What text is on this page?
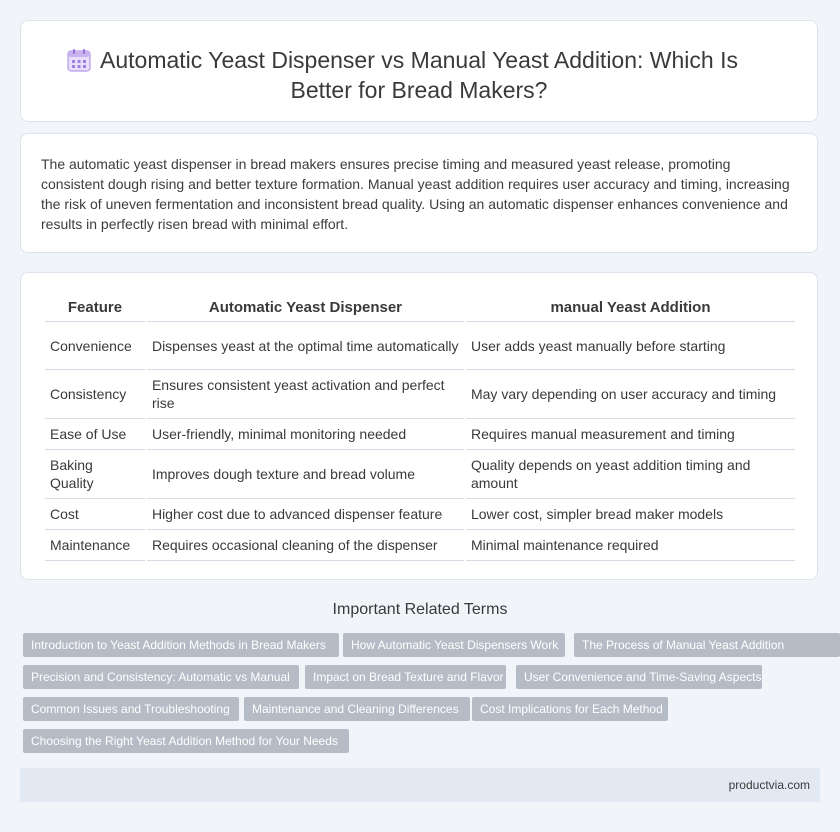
Automatic Yeast Dispenser vs Manual Yeast Addition: Which Is Better for Bread Makers?

The automatic yeast dispenser in bread makers ensures precise timing and measured yeast release, promoting consistent dough rising and better texture formation. Manual yeast addition requires user accuracy and timing, increasing the risk of uneven fermentation and inconsistent bread quality. Using an automatic dispenser enhances convenience and results in perfectly risen bread with minimal effort.

Feature	Automatic Yeast Dispenser	manual Yeast Addition
Convenience	Dispenses yeast at the optimal time automatically	User adds yeast manually before starting
Consistency	Ensures consistent yeast activation and perfect rise	May vary depending on user accuracy and timing
Ease of Use	User-friendly, minimal monitoring needed	Requires manual measurement and timing
Baking Quality	Improves dough texture and bread volume	Quality depends on yeast addition timing and amount
Cost	Higher cost due to advanced dispenser feature	Lower cost, simpler bread maker models
Maintenance	Requires occasional cleaning of the dispenser	Minimal maintenance required
Important Related Terms
Introduction to Yeast Addition Methods in Bread Makers	How Automatic Yeast Dispensers Work	The Process of Manual Yeast Addition
Precision and Consistency: Automatic vs Manual	Impact on Bread Texture and Flavor	User Convenience and Time-Saving Aspects
Common Issues and Troubleshooting	Maintenance and Cleaning Differences	Cost Implications for Each Method
Choosing the Right Yeast Addition Method for Your Needs
productvia.com
